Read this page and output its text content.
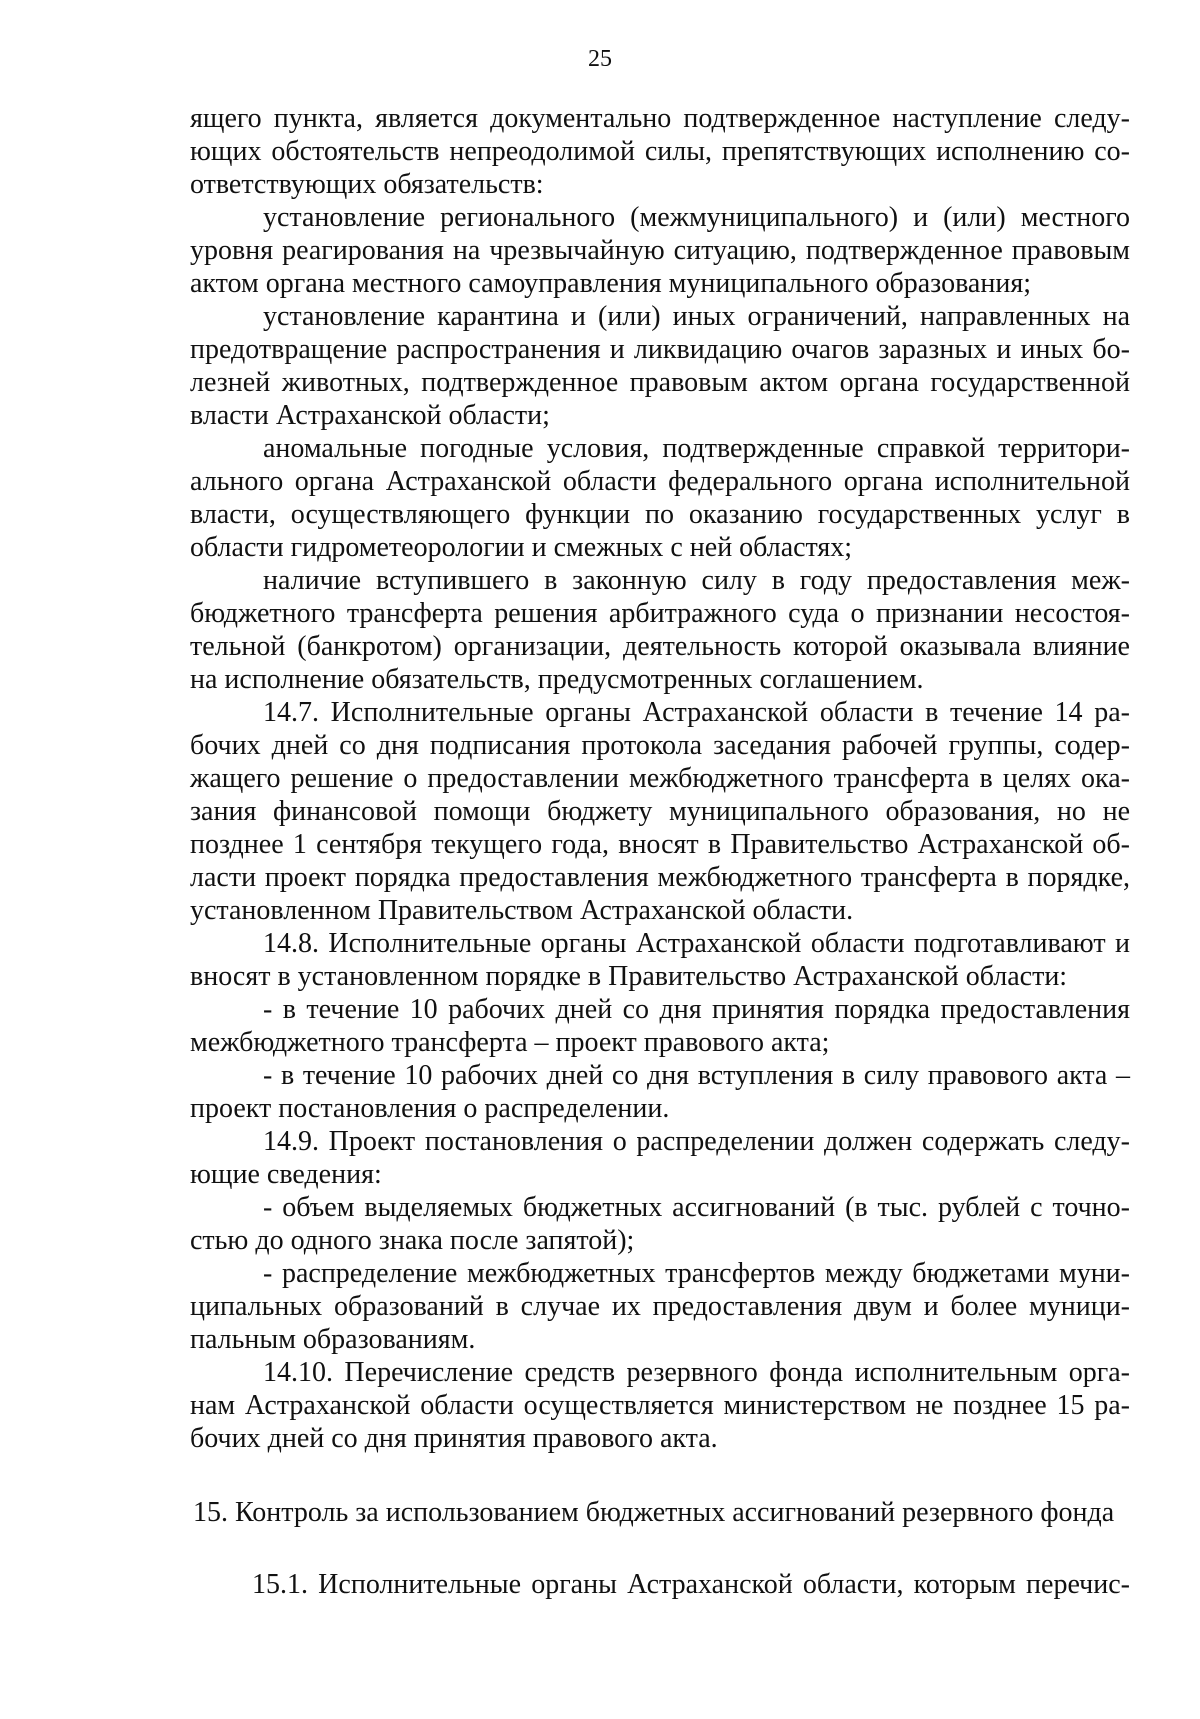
25
ящего пункта, является документально подтвержденное наступление следу-
ющих обстоятельств непреодолимой силы, препятствующих исполнению со-
ответствующих обязательств:
установление регионального (межмуниципального) и (или) местного
уровня реагирования на чрезвычайную ситуацию, подтвержденное правовым
актом органа местного самоуправления муниципального образования;
установление карантина и (или) иных ограничений, направленных на
предотвращение распространения и ликвидацию очагов заразных и иных бо-
лезней животных, подтвержденное правовым актом органа государственной
власти Астраханской области;
аномальные погодные условия, подтвержденные справкой территори-
ального органа Астраханской области федерального органа исполнительной
власти, осуществляющего функции по оказанию государственных услуг в
области гидрометеорологии и смежных с ней областях;
наличие вступившего в законную силу в году предоставления меж-
бюджетного трансферта решения арбитражного суда о признании несостоя-
тельной (банкротом) организации, деятельность которой оказывала влияние
на исполнение обязательств, предусмотренных соглашением.
14.7. Исполнительные органы Астраханской области в течение 14 ра-
бочих дней со дня подписания протокола заседания рабочей группы, содер-
жащего решение о предоставлении межбюджетного трансферта в целях ока-
зания финансовой помощи бюджету муниципального образования, но не
позднее 1 сентября текущего года, вносят в Правительство Астраханской об-
ласти проект порядка предоставления межбюджетного трансферта в порядке,
установленном Правительством Астраханской области.
14.8. Исполнительные органы Астраханской области подготавливают и
вносят в установленном порядке в Правительство Астраханской области:
- в течение 10 рабочих дней со дня принятия порядка предоставления
межбюджетного трансферта – проект правового акта;
- в течение 10 рабочих дней со дня вступления в силу правового акта –
проект постановления о распределении.
14.9. Проект постановления о распределении должен содержать следу-
ющие сведения:
- объем выделяемых бюджетных ассигнований (в тыс. рублей с точно-
стью до одного знака после запятой);
- распределение межбюджетных трансфертов между бюджетами муни-
ципальных образований в случае их предоставления двум и более муници-
пальным образованиям.
14.10. Перечисление средств резервного фонда исполнительным орга-
нам Астраханской области осуществляется министерством не позднее 15 ра-
бочих дней со дня принятия правового акта.
15. Контроль за использованием бюджетных ассигнований резервного фонда
15.1. Исполнительные органы Астраханской области, которым перечис-
